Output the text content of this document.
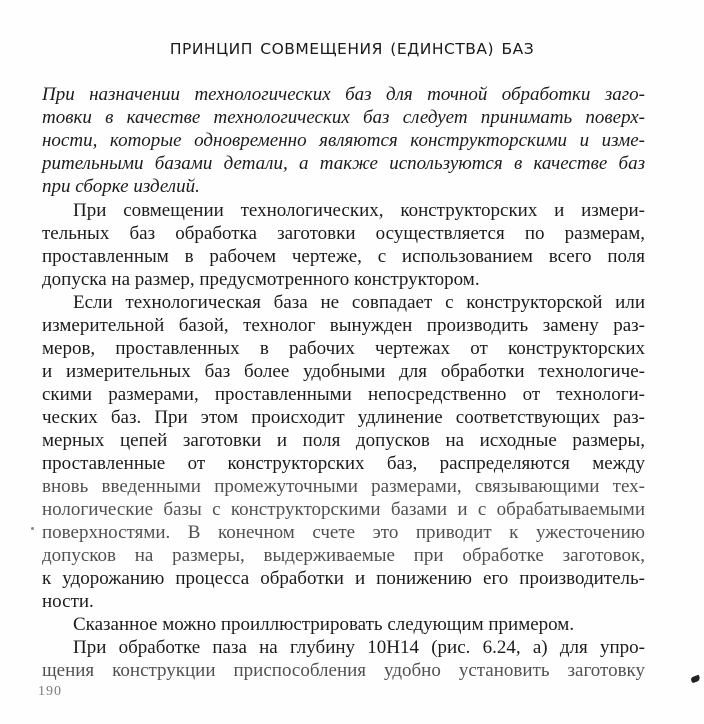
ПРИНЦИП СОВМЕЩЕНИЯ (ЕДИНСТВА) БАЗ
При назначении технологических баз для точной обработки заго-
товки в качестве технологических баз следует принимать поверх-
ности, которые одновременно являются конструкторскими и изме-
рительными базами детали, а также используются в качестве баз
при сборке изделий.
При совмещении технологических, конструкторских и измери-
тельных баз обработка заготовки осуществляется по размерам,
проставленным в рабочем чертеже, с использованием всего поля
допуска на размер, предусмотренного конструктором.
Если технологическая база не совпадает с конструкторской или
измерительной базой, технолог вынужден производить замену раз-
меров, проставленных в рабочих чертежах от конструкторских
и измерительных баз более удобными для обработки технологиче-
скими размерами, проставленными непосредственно от технологи-
ческих баз. При этом происходит удлинение соответствующих раз-
мерных цепей заготовки и поля допусков на исходные размеры,
проставленные от конструкторских баз, распределяются между
вновь введенными промежуточными размерами, связывающими тех-
нологические базы с конструкторскими базами и с обрабатываемыми
поверхностями. В конечном счете это приводит к ужесточению
допусков на размеры, выдерживаемые при обработке заготовок,
к удорожанию процесса обработки и понижению его производитель-
ности.
Сказанное можно проиллюстрировать следующим примером.
При обработке паза на глубину 10Н14 (рис. 6.24, а) для упро-
щения конструкции приспособления удобно установить заготовку
190
